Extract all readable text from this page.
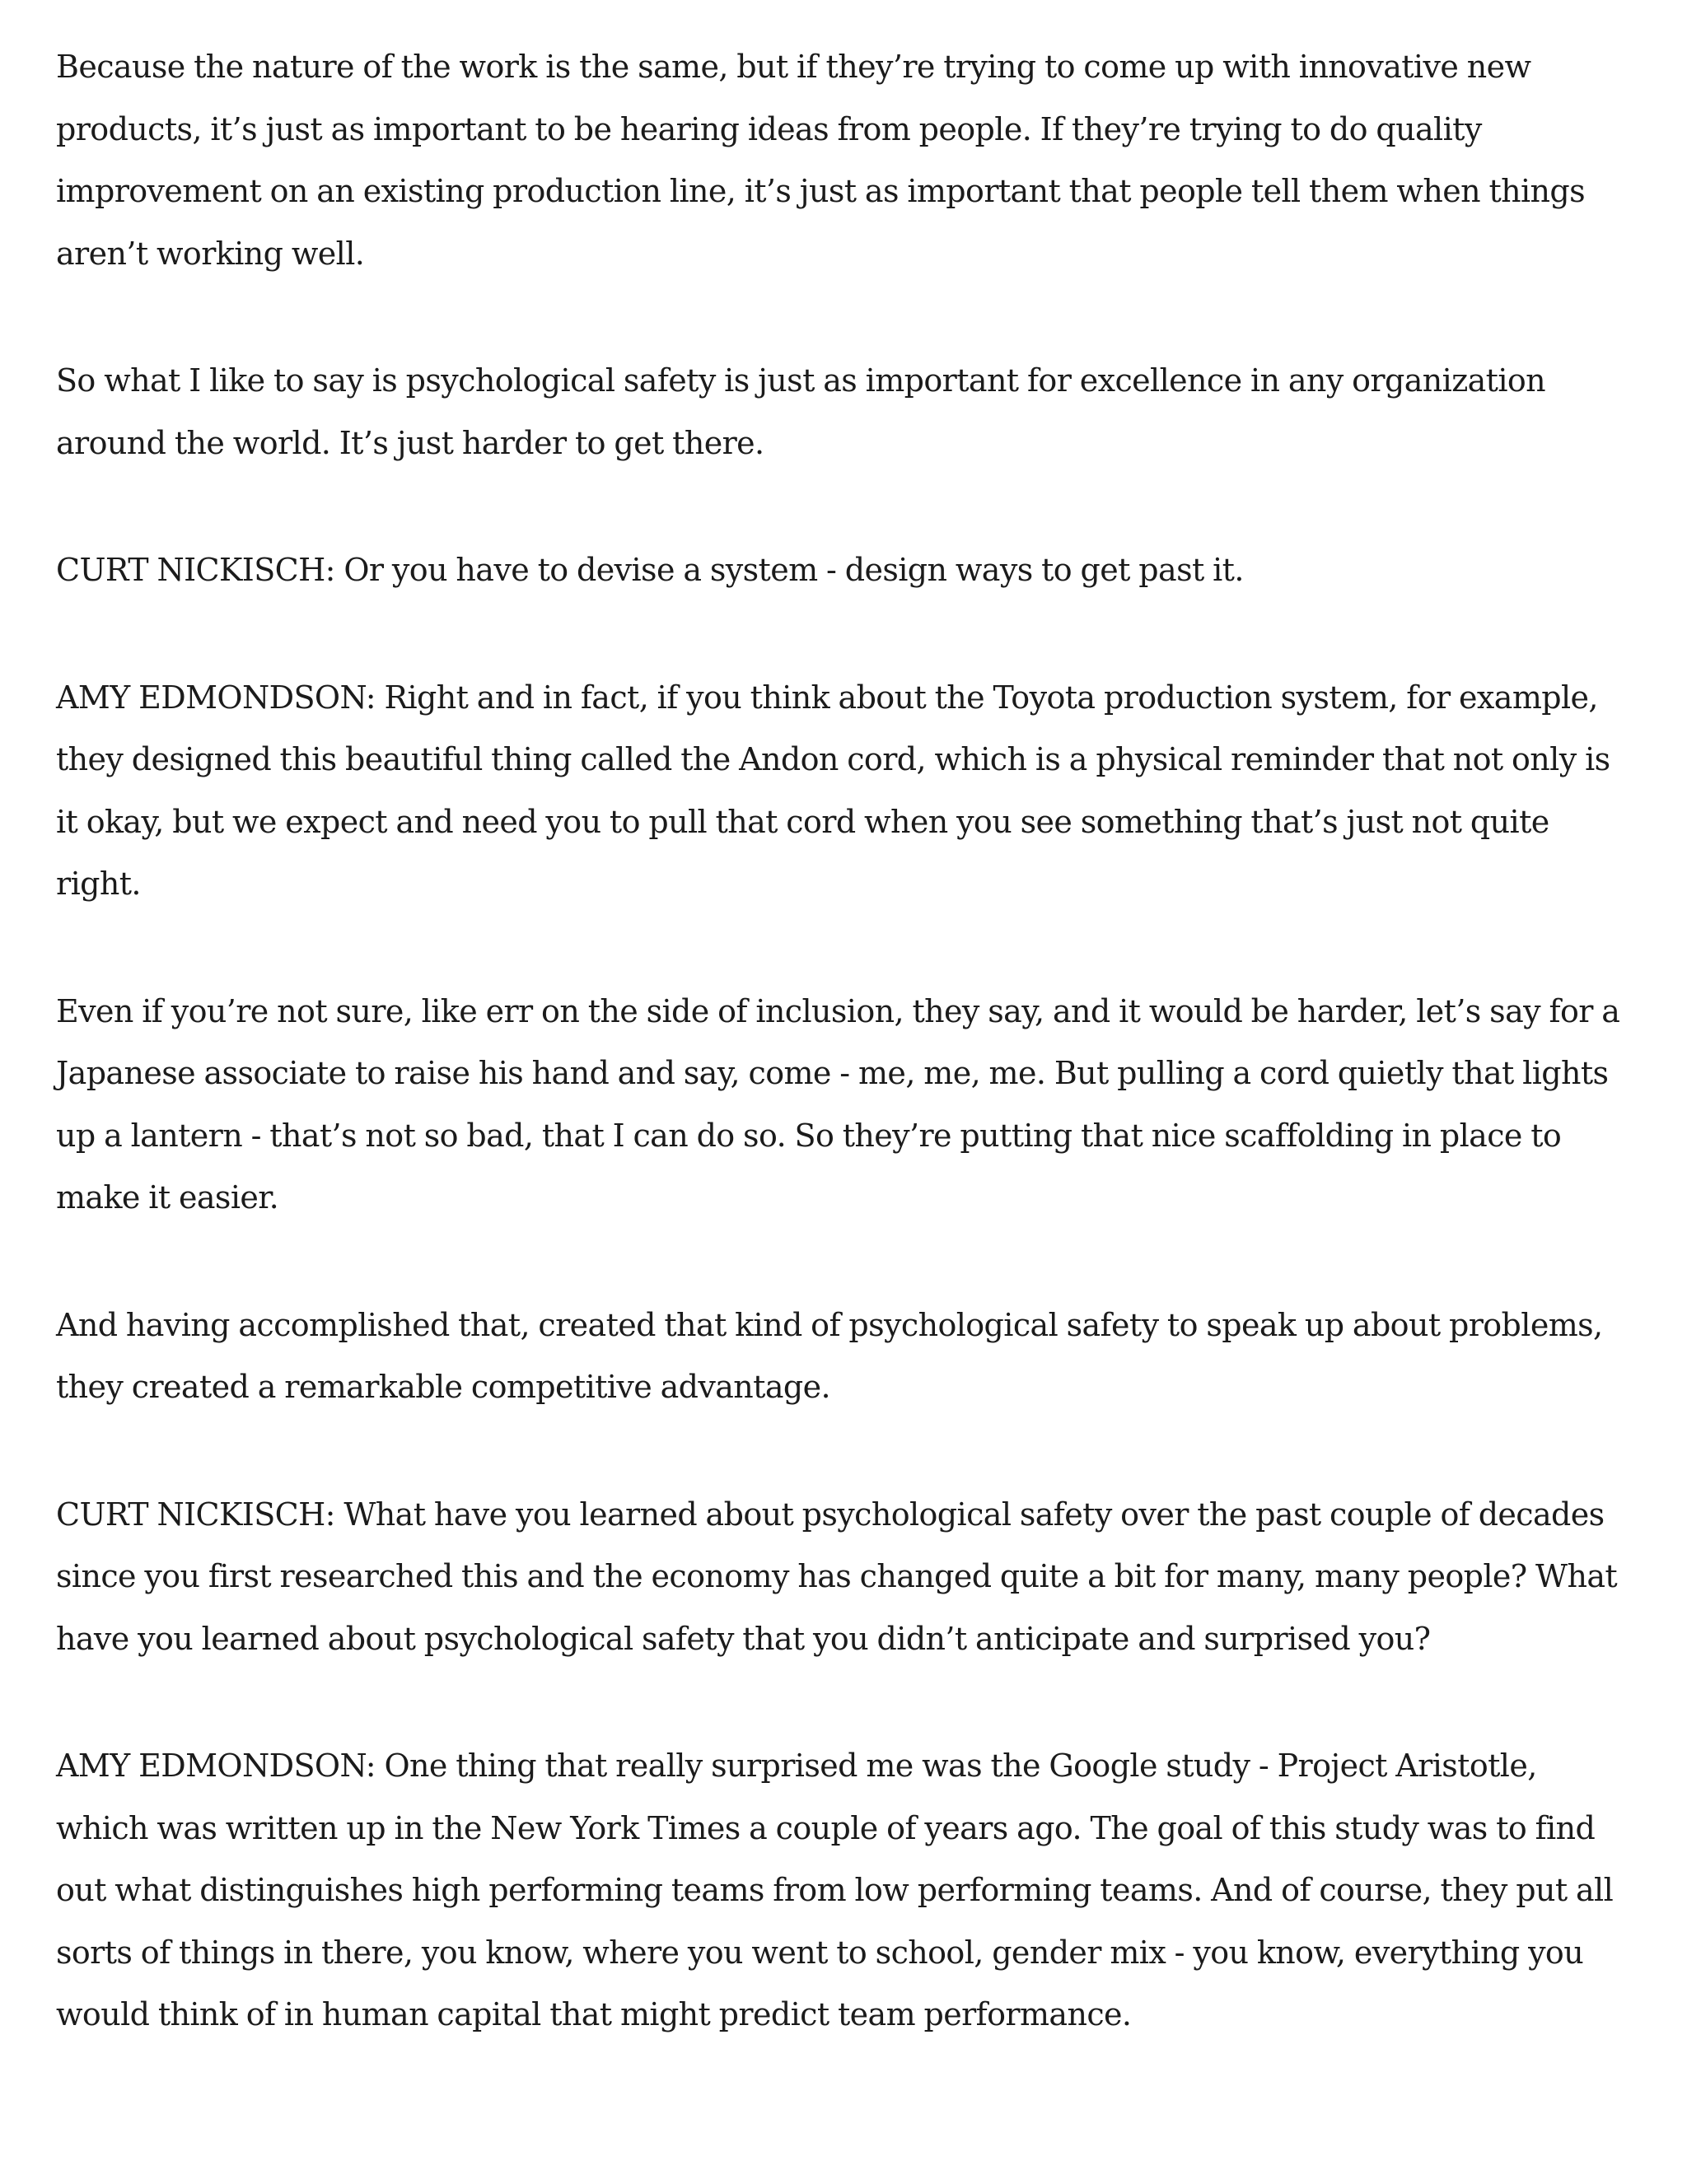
Because the nature of the work is the same, but if they’re trying to come up with innovative new products, it’s just as important to be hearing ideas from people. If they’re trying to do quality improvement on an existing production line, it’s just as important that people tell them when things aren’t working well.

So what I like to say is psychological safety is just as important for excellence in any organization around the world. It’s just harder to get there.

CURT NICKISCH: Or you have to devise a system - design ways to get past it.

AMY EDMONDSON: Right and in fact, if you think about the Toyota production system, for example, they designed this beautiful thing called the Andon cord, which is a physical reminder that not only is it okay, but we expect and need you to pull that cord when you see something that’s just not quite right.

Even if you’re not sure, like err on the side of inclusion, they say, and it would be harder, let’s say for a Japanese associate to raise his hand and say, come - me, me, me. But pulling a cord quietly that lights up a lantern - that’s not so bad, that I can do so. So they’re putting that nice scaffolding in place to make it easier.

And having accomplished that, created that kind of psychological safety to speak up about problems, they created a remarkable competitive advantage.

CURT NICKISCH: What have you learned about psychological safety over the past couple of decades since you first researched this and the economy has changed quite a bit for many, many people? What have you learned about psychological safety that you didn’t anticipate and surprised you?

AMY EDMONDSON: One thing that really surprised me was the Google study - Project Aristotle, which was written up in the New York Times a couple of years ago. The goal of this study was to find out what distinguishes high performing teams from low performing teams. And of course, they put all sorts of things in there, you know, where you went to school, gender mix - you know, everything you would think of in human capital that might predict team performance.
